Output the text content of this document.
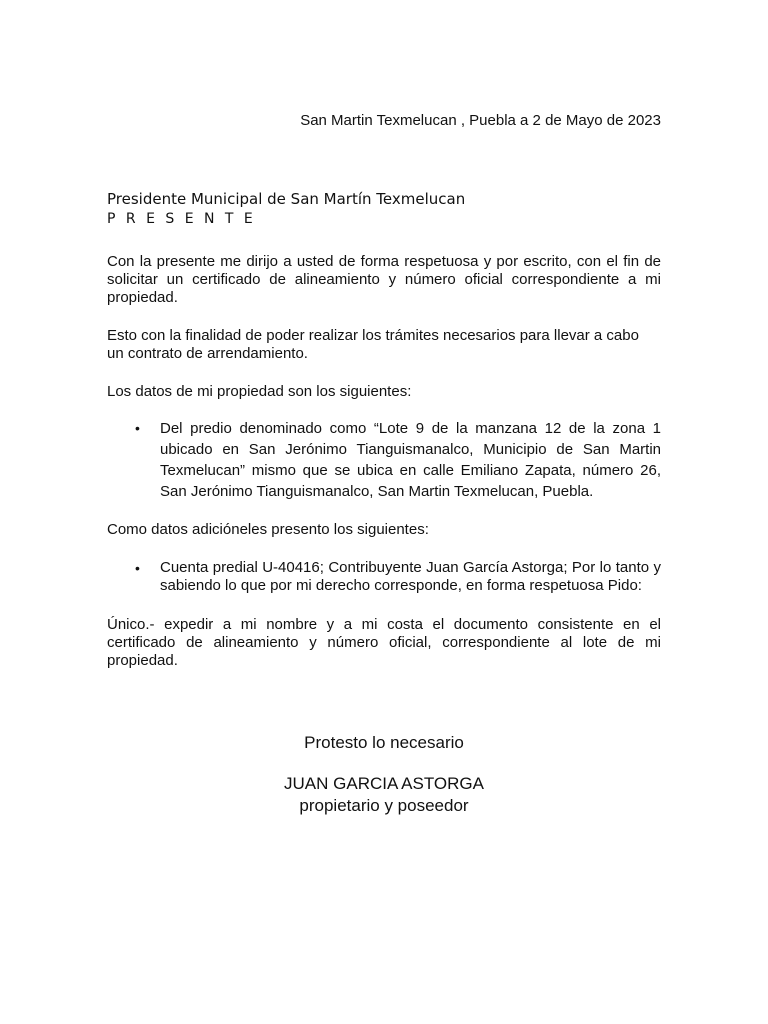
San Martin Texmelucan , Puebla a 2 de Mayo de 2023
Presidente Municipal de San Martín Texmelucan
P R E S E N T E

Con la presente me dirijo a usted de forma respetuosa y por escrito, con el fin de solicitar un certificado de alineamiento y número oficial correspondiente a mi propiedad.

Esto con la finalidad de poder realizar los trámites necesarios para llevar a cabo un contrato de arrendamiento.

Los datos de mi propiedad son los siguientes:

• Del predio denominado como “Lote 9 de la manzana 12 de la zona 1 ubicado en San Jerónimo Tianguismanalco, Municipio de San Martin Texmelucan” mismo que se ubica en calle Emiliano Zapata, número 26, San Jerónimo Tianguismanalco, San Martin Texmelucan, Puebla.

Como datos adicióneles presento los siguientes:

• Cuenta predial U-40416; Contribuyente Juan García Astorga; Por lo tanto y sabiendo lo que por mi derecho corresponde, en forma respetuosa Pido:

Único.- expedir a mi nombre y a mi costa el documento consistente en el certificado de alineamiento y número oficial, correspondiente al lote de mi propiedad.

Protesto lo necesario
JUAN GARCIA ASTORGA
propietario y poseedor
